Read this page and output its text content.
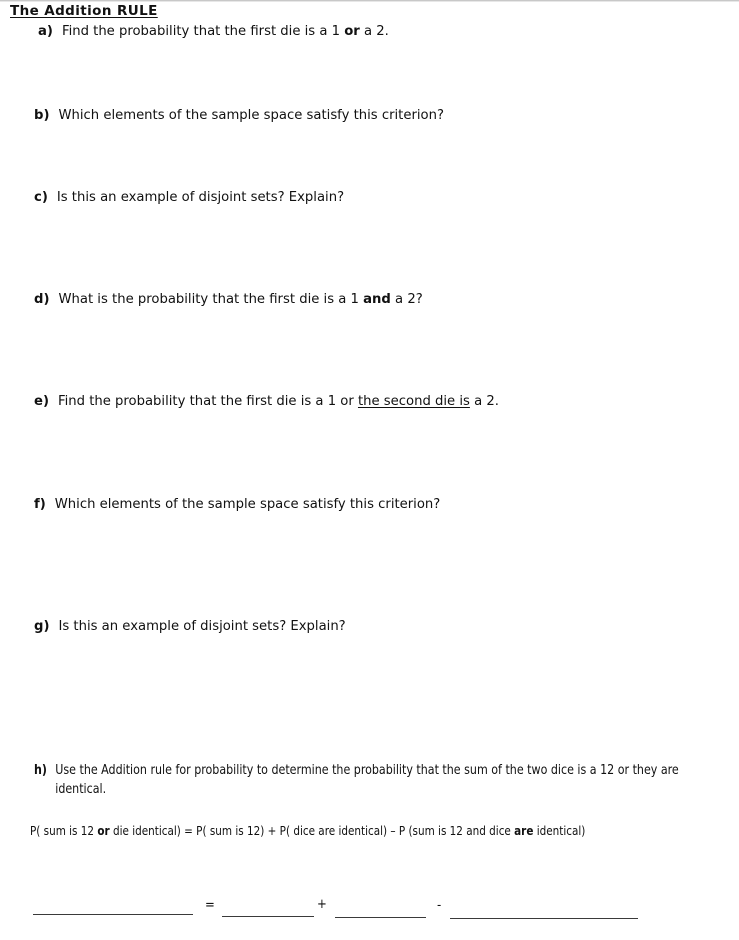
The Addition RULE
a) Find the probability that the first die is a 1 or a 2.
b) Which elements of the sample space satisfy this criterion?
c) Is this an example of disjoint sets? Explain?
d) What is the probability that the first die is a 1 and a 2?
e) Find the probability that the first die is a 1 or the second die is a 2.
f) Which elements of the sample space satisfy this criterion?
g) Is this an example of disjoint sets? Explain?
h) Use the Addition rule for probability to determine the probability that the sum of the two dice is a 12 or they are identical.
P( sum is 12 or die identical) = P( sum is 12) + P( dice are identical) – P (sum is 12 and dice are identical)
=	+	-
